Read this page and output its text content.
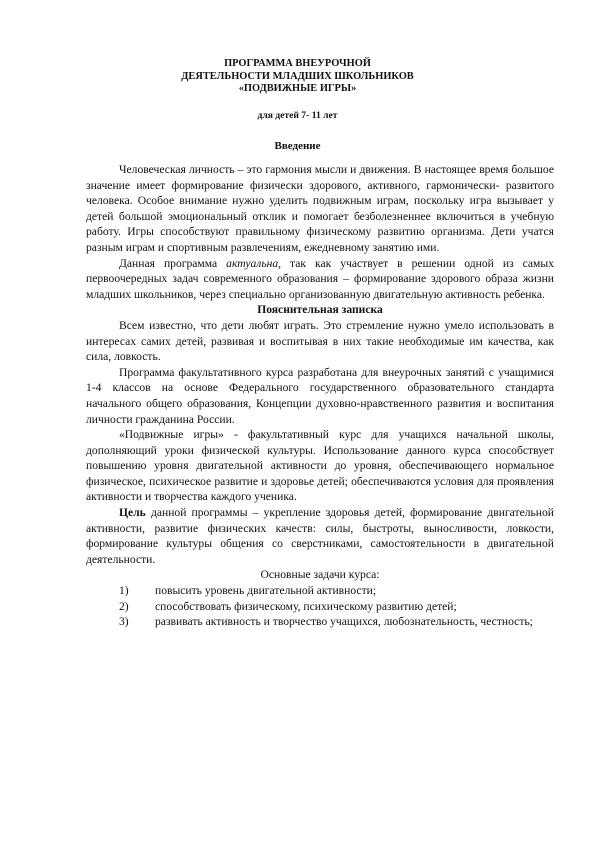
ПРОГРАММА ВНЕУРОЧНОЙ
ДЕЯТЕЛЬНОСТИ МЛАДШИХ ШКОЛЬНИКОВ
«ПОДВИЖНЫЕ ИГРЫ»
для детей 7- 11 лет
Введение

Человеческая личность – это гармония мысли и движения. В настоящее время большое значение имеет формирование физически здорового, активного, гармонически- развитого человека. Особое внимание нужно уделить подвижным играм, поскольку игра вызывает у детей большой эмоциональный отклик и помогает безболезненнее включиться в учебную работу. Игры способствуют правильному физическому развитию организма. Дети учатся разным играм и спортивным развлечениям, ежедневному занятию ими.

Данная программа актуальна, так как участвует в решении одной из самых первоочередных задач современного образования – формирование здорового образа жизни младших школьников, через специально организованную двигательную активность ребенка.

Пояснительная записка

Всем известно, что дети любят играть. Это стремление нужно умело использовать в интересах самих детей, развивая и воспитывая в них такие необходимые им качества, как сила, ловкость.

Программа факультативного курса разработана для внеурочных занятий с учащимися 1-4 классов на основе Федерального государственного образовательного стандарта начального общего образования, Концепции духовно-нравственного развития и воспитания личности гражданина России.

«Подвижные игры» - факультативный курс для учащихся начальной школы, дополняющий уроки физической культуры. Использование данного курса способствует повышению уровня двигательной активности до уровня, обеспечивающего нормальное физическое, психическое развитие и здоровье детей; обеспечиваются условия для проявления активности и творчества каждого ученика.

Цель данной программы – укрепление здоровья детей, формирование двигательной активности, развитие физических качеств: силы, быстроты, выносливости, ловкости, формирование культуры общения со сверстниками, самостоятельности в двигательной деятельности.

Основные задачи курса:
1)	повысить уровень двигательной активности;
2)	способствовать физическому, психическому развитию детей;
3)	развивать активность и творчество учащихся, любознательность, честность;
